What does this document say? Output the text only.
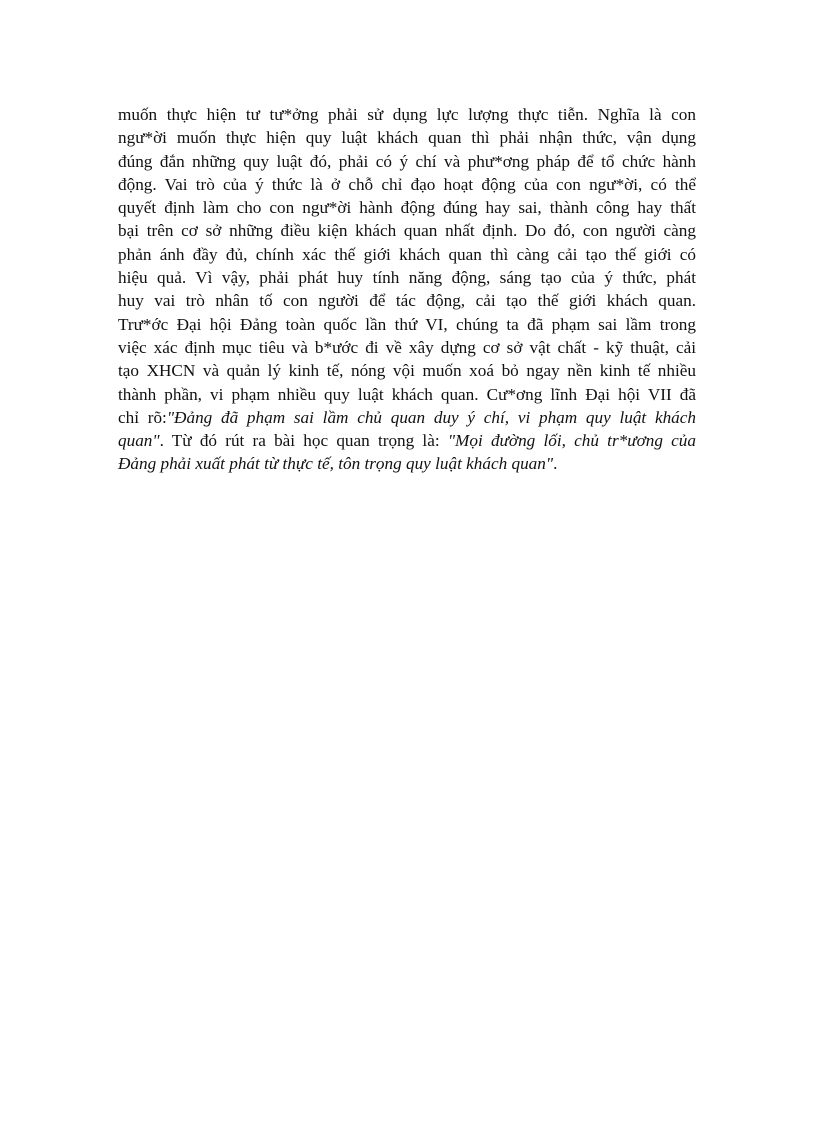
muốn thực hiện tư tư*ởng phải sử dụng lực lượng thực tiễn. Nghĩa là con
ngư*ời muốn thực hiện quy luật khách quan thì phải nhận thức, vận dụng
đúng đắn những quy luật đó, phải có ý chí và phư*ơng pháp để tổ chức hành
động. Vai trò của ý thức là ở chỗ chỉ đạo hoạt động của con ngư*ời, có thể
quyết định làm cho con ngư*ời hành động đúng hay sai, thành công hay thất
bại trên cơ sở những điều kiện khách quan nhất định. Do đó, con người càng
phản ánh đầy đủ, chính xác thế giới khách quan thì càng cải tạo thế giới có
hiệu quả. Vì vậy, phải phát huy tính năng động, sáng tạo của ý thức, phát
huy vai trò nhân tố con người để tác động, cải tạo thế giới khách quan.
Trư*ớc Đại hội Đảng toàn quốc lần thứ VI, chúng ta đã phạm sai lầm trong
việc xác định mục tiêu và b*ước đi về xây dựng cơ sở vật chất - kỹ thuật, cải
tạo XHCN và quản lý kinh tế, nóng vội muốn xoá bỏ ngay nền kinh tế nhiều
thành phần, vi phạm nhiều quy luật khách quan. Cư*ơng lĩnh Đại hội VII đã
chỉ rõ:"Đảng đã phạm sai lầm chủ quan duy ý chí, vi phạm quy luật khách
quan". Từ đó rút ra bài học quan trọng là: "Mọi đường lối, chủ tr*ương của
Đảng phải xuất phát từ thực tế, tôn trọng quy luật khách quan".
